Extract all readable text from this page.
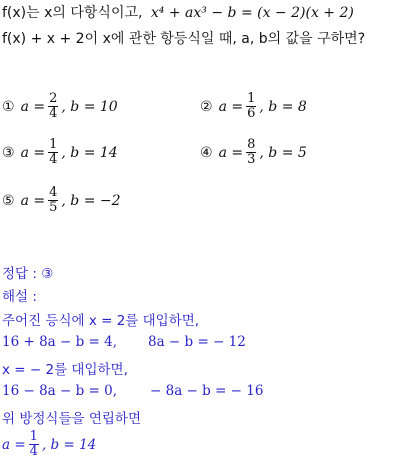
f(x)는 x의 다항식이고, x⁴ + ax³ − b = (x − 2)(x + 2)
f(x) + x + 2이 x에 관한 항등식일 때, a, b의 값을 구하면?
① $a = \frac{2}{4}$ , b = 10	② $a = \frac{1}{6}$ , b = 8
③ $a = \frac{1}{4}$ , b = 14	④ $a = \frac{8}{3}$ , b = 5
⑤ $a = \frac{4}{5}$ , b = −2
정답 : ③
해설 :
주어진 등식에 x = 2를 대입하면,
16 + 8a − b = 4, 8a − b = − 12
x = − 2를 대입하면,
16 − 8a − b = 0, − 8a − b = − 16
위 방정식들을 연립하면
$a = \frac{1}{4}$ , b = 14
